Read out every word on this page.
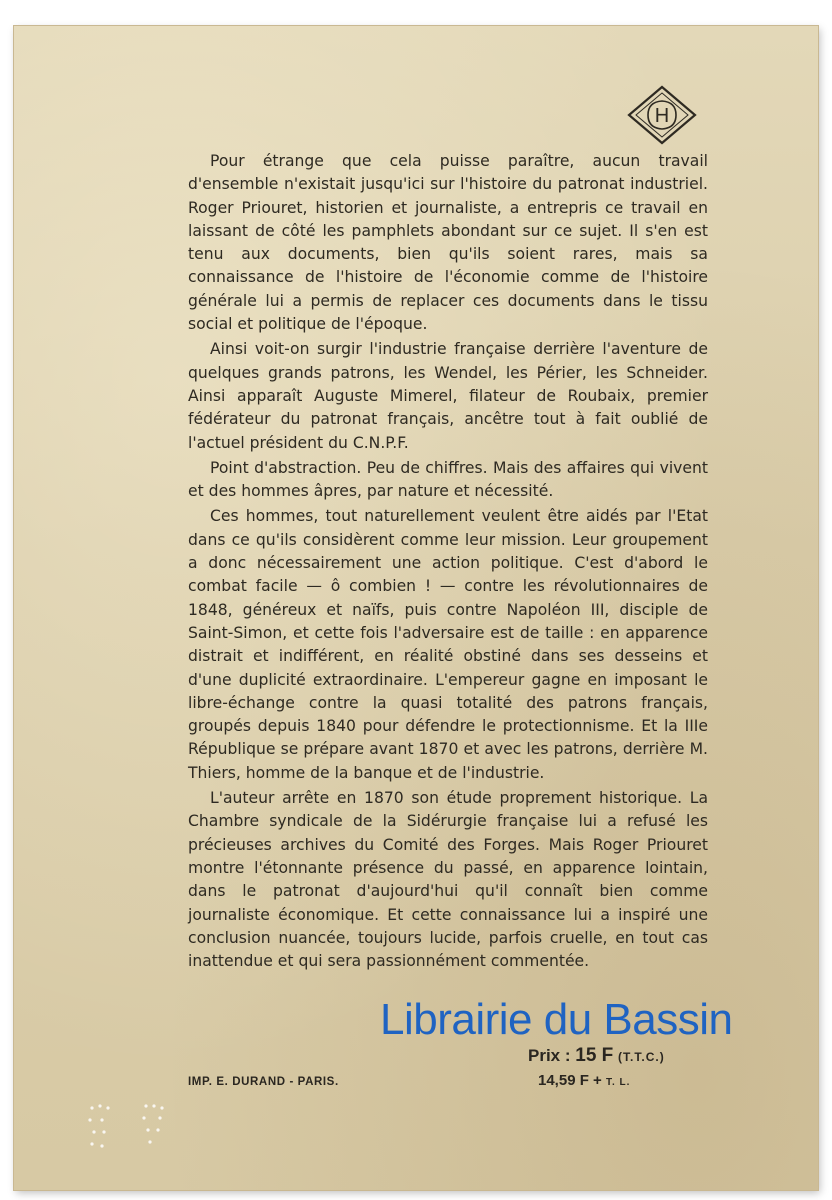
H

Pour étrange que cela puisse paraître, aucun travail d'ensemble n'existait jusqu'ici sur l'histoire du patronat industriel. Roger Priouret, historien et journaliste, a entrepris ce travail en laissant de côté les pamphlets abondant sur ce sujet. Il s'en est tenu aux documents, bien qu'ils soient rares, mais sa connaissance de l'histoire de l'économie comme de l'histoire générale lui a permis de replacer ces documents dans le tissu social et politique de l'époque.

Ainsi voit-on surgir l'industrie française derrière l'aventure de quelques grands patrons, les Wendel, les Périer, les Schneider. Ainsi apparaît Auguste Mimerel, filateur de Roubaix, premier fédérateur du patronat français, ancêtre tout à fait oublié de l'actuel président du C.N.P.F.

Point d'abstraction. Peu de chiffres. Mais des affaires qui vivent et des hommes âpres, par nature et nécessité.

Ces hommes, tout naturellement veulent être aidés par l'Etat dans ce qu'ils considèrent comme leur mission. Leur groupement a donc nécessairement une action politique. C'est d'abord le combat facile — ô combien ! — contre les révolutionnaires de 1848, généreux et naïfs, puis contre Napoléon III, disciple de Saint-Simon, et cette fois l'adversaire est de taille : en apparence distrait et indifférent, en réalité obstiné dans ses desseins et d'une duplicité extraordinaire. L'empereur gagne en imposant le libre-échange contre la quasi totalité des patrons français, groupés depuis 1840 pour défendre le protectionnisme. Et la IIIe République se prépare avant 1870 et avec les patrons, derrière M. Thiers, homme de la banque et de l'industrie.

L'auteur arrête en 1870 son étude proprement historique. La Chambre syndicale de la Sidérurgie française lui a refusé les précieuses archives du Comité des Forges. Mais Roger Priouret montre l'étonnante présence du passé, en apparence lointain, dans le patronat d'aujourd'hui qu'il connaît bien comme journaliste économique. Et cette connaissance lui a inspiré une conclusion nuancée, toujours lucide, parfois cruelle, en tout cas inattendue et qui sera passionnément commentée.

Librairie du Bassin
Prix : 15 F (T.T.C.)
14,59 F + T. L.
IMP. E. DURAND - PARIS.
